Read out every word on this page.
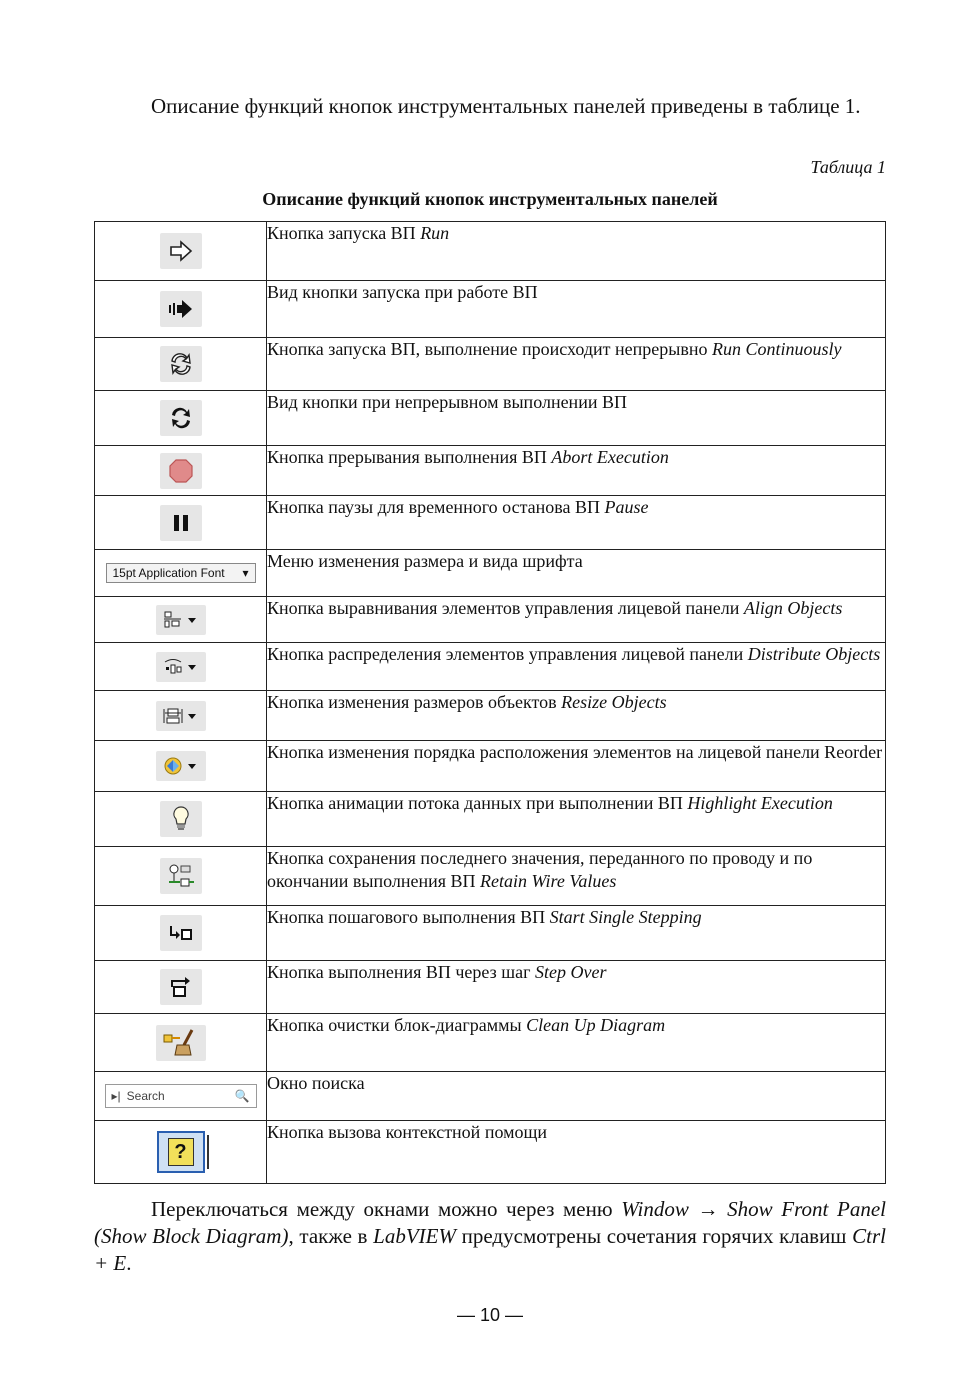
Описание функций кнопок инструментальных панелей приведены в таблице 1.

Таблица 1
Описание функций кнопок инструментальных панелей
	Кнопка запуска ВП Run

	Вид кнопки запуска при работе ВП

	Кнопка запуска ВП, выполнение происходит непрерывно Run Continuously

	Вид кнопки при непрерывном выполнении ВП

	Кнопка прерывания выполнения ВП Abort Execution

	Кнопка паузы для временного останова ВП Pause

15pt Application Font ▾	Меню изменения размера и вида шрифта

	Кнопка выравнивания элементов управления лицевой панели Align Objects

	Кнопка распределения элементов управления лицевой панели Distribute Objects

	Кнопка изменения размеров объектов Resize Objects

	Кнопка изменения порядка расположения элементов на лицевой панели Reorder

	Кнопка анимации потока данных при выполнении ВП Highlight Execution

	Кнопка сохранения последнего значения, переданного по проводу и по окончании выполнения ВП Retain Wire Values

	Кнопка пошагового выполнения ВП Start Single Stepping

	Кнопка выполнения ВП через шаг Step Over

	Кнопка очистки блок-диаграммы Clean Up Diagram

▸| Search 🔍	Окно поиска

?	Кнопка вызова контекстной помощи

Переключаться между окнами можно через меню Window → Show Front Panel (Show Block Diagram), также в LabVIEW предусмотрены сочетания горячих клавиш Ctrl + E.

— 10 —
